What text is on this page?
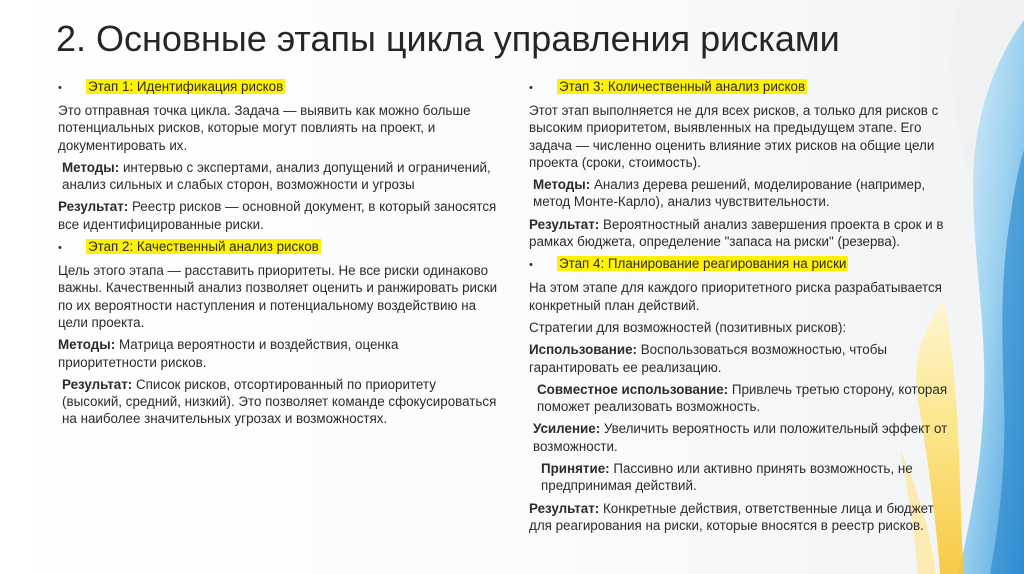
2. Основные этапы цикла управления рисками
• Этап 1: Идентификация рисков

Это отправная точка цикла. Задача — выявить как можно больше потенциальных рисков, которые могут повлиять на проект, и документировать их.

Методы: интервью с экспертами, анализ допущений и ограничений, анализ сильных и слабых сторон, возможности и угрозы

Результат: Реестр рисков — основной документ, в который заносятся все идентифицированные риски.

• Этап 2: Качественный анализ рисков

Цель этого этапа — расставить приоритеты. Не все риски одинаково важны. Качественный анализ позволяет оценить и ранжировать риски по их вероятности наступления и потенциальному воздействию на цели проекта.

Методы: Матрица вероятности и воздействия, оценка приоритетности рисков.

Результат: Список рисков, отсортированный по приоритету (высокий, средний, низкий). Это позволяет команде сфокусироваться на наиболее значительных угрозах и возможностях.

• Этап 3: Количественный анализ рисков

Этот этап выполняется не для всех рисков, а только для рисков с высоким приоритетом, выявленных на предыдущем этапе. Его задача — численно оценить влияние этих рисков на общие цели проекта (сроки, стоимость).

Методы: Анализ дерева решений, моделирование (например, метод Монте-Карло), анализ чувствительности.

Результат: Вероятностный анализ завершения проекта в срок и в рамках бюджета, определение "запаса на риски" (резерва).

• Этап 4: Планирование реагирования на риски

На этом этапе для каждого приоритетного риска разрабатывается конкретный план действий.

Стратегии для возможностей (позитивных рисков):

Использование: Воспользоваться возможностью, чтобы гарантировать ее реализацию.

Совместное использование: Привлечь третью сторону, которая поможет реализовать возможность.

Усиление: Увеличить вероятность или положительный эффект от возможности.

Принятие: Пассивно или активно принять возможность, не предпринимая действий.

Результат: Конкретные действия, ответственные лица и бюджет для реагирования на риски, которые вносятся в реестр рисков.
